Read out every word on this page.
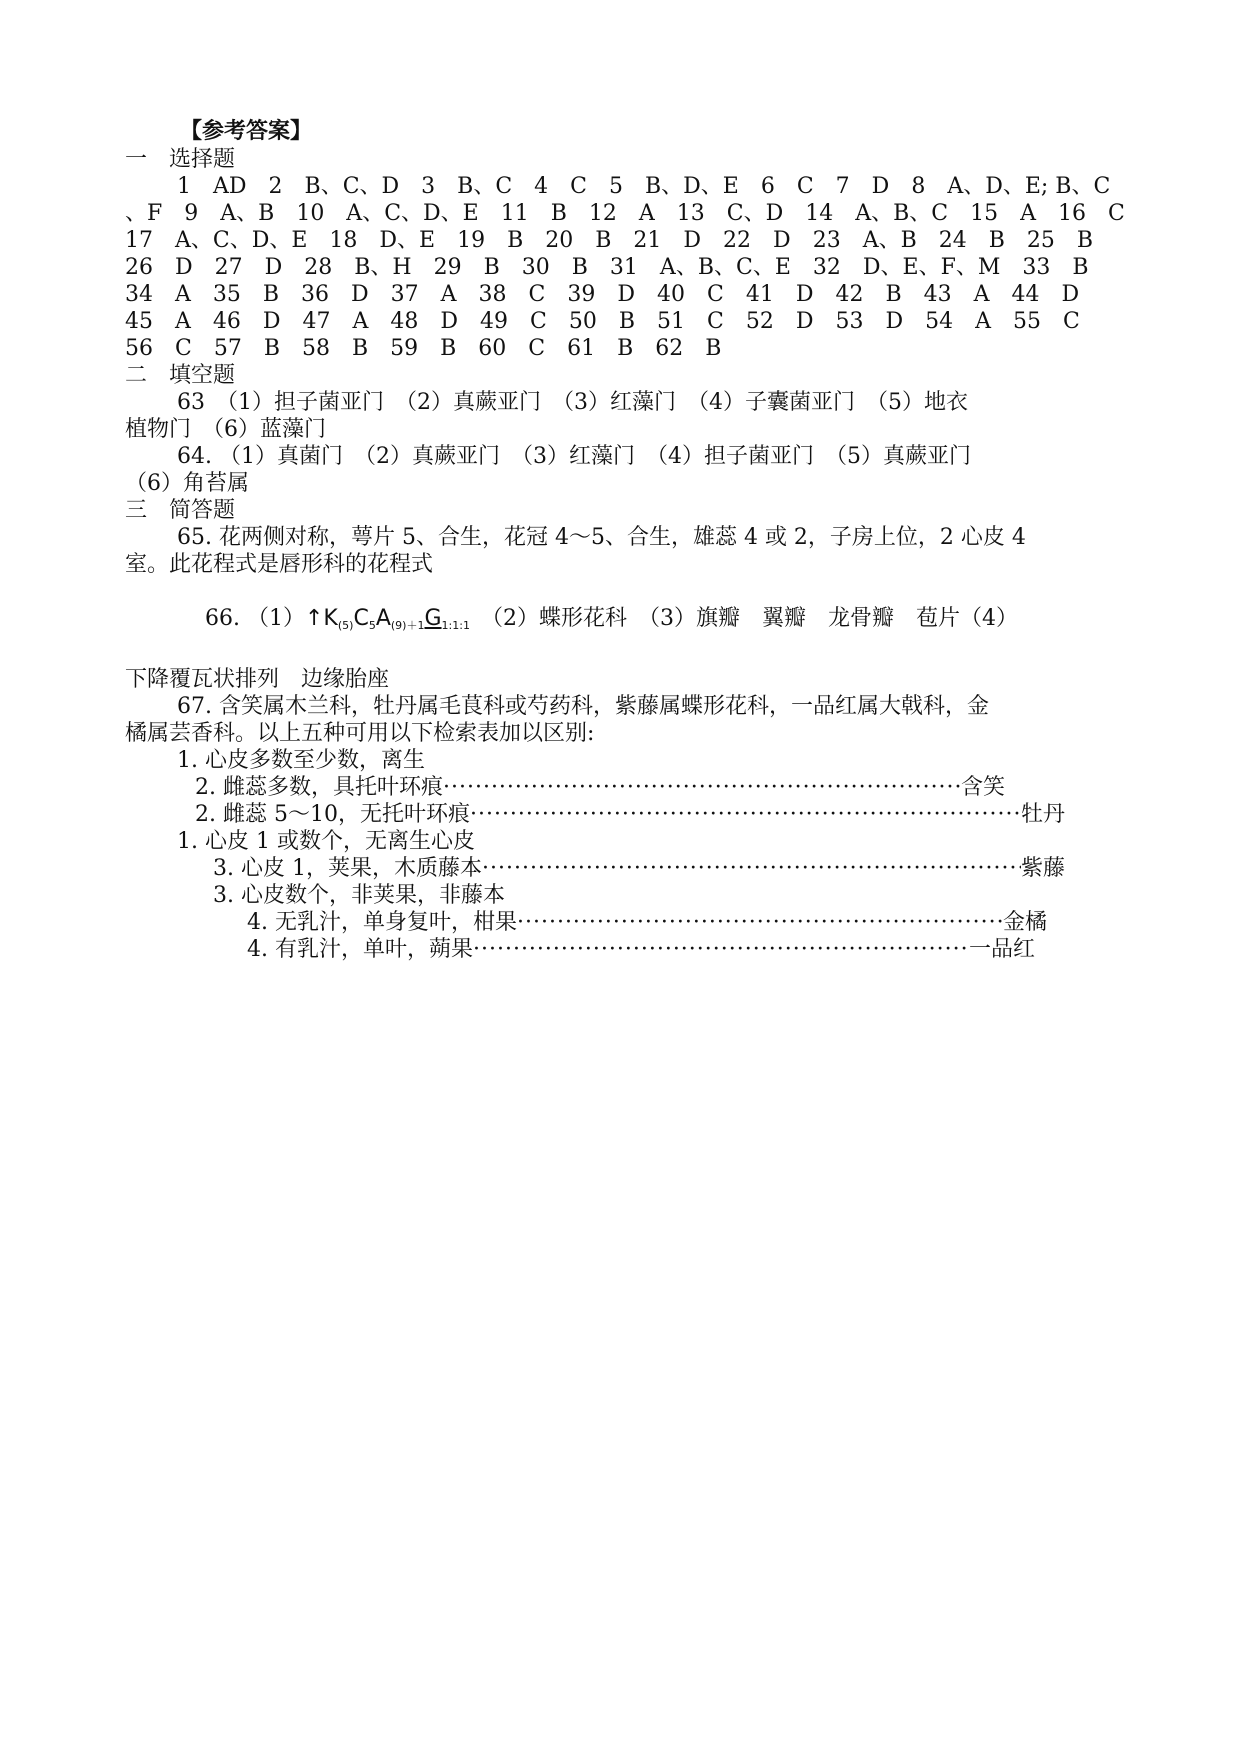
【参考答案】
一　选择题
1　AD　2　B、C、D　3　B、C　4　C　5　B、D、E　6　C　7　D　8　A、D、E; B、C
、F　9　A、B　10　A、C、D、E　11　B　12　A　13　C、D　14　A、B、C　15　A　16　C
17　A、C、D、E　18　D、E　19　B　20　B　21　D　22　D　23　A、B　24　B　25　B
26　D　27　D　28　B、H　29　B　30　B　31　A、B、C、E　32　D、E、F、M　33　B
34　A　35　B　36　D　37　A　38　C　39　D　40　C　41　D　42　B　43　A　44　D
45　A　46　D　47　A　48　D　49　C　50　B　51　C　52　D　53　D　54　A　55　C
56　C　57　B　58　B　59　B　60　C　61　B　62　B
二　填空题
63　（1）担子菌亚门　（2）真蕨亚门　（3）红藻门　（4）子囊菌亚门　（5）地衣
植物门　（6）蓝藻门
64. （1）真菌门　（2）真蕨亚门　（3）红藻门　（4）担子菌亚门　（5）真蕨亚门
（6）角苔属
三　简答题
65. 花两侧对称，萼片 5、合生，花冠 4～5、合生，雄蕊 4 或 2，子房上位，2 心皮 4
室。此花程式是唇形科的花程式

66. $(1)↑K_{(5)}C_5A_{(9)+1}G_{1:1:1}$　 （2）蝶形花科　（3）旗瓣　翼瓣　龙骨瓣　苞片（4）

下降覆瓦状排列　边缘胎座
67. 含笑属木兰科，牡丹属毛茛科或芍药科，紫藤属蝶形花科，一品红属大戟科，金
橘属芸香科。以上五种可用以下检索表加以区别:
1. 心皮多数至少数，离生
2. 雌蕊多数，具托叶环痕 ·····	含笑
2. 雌蕊 5～10，无托叶环痕 ·····	牡丹
1. 心皮 1 或数个，无离生心皮
3. 心皮 1，荚果，木质藤本 ·····	紫藤
3. 心皮数个，非荚果，非藤本
4. 无乳汁，单身复叶，柑果 ·····	金橘
4. 有乳汁，单叶，蒴果 ·····	一品红
